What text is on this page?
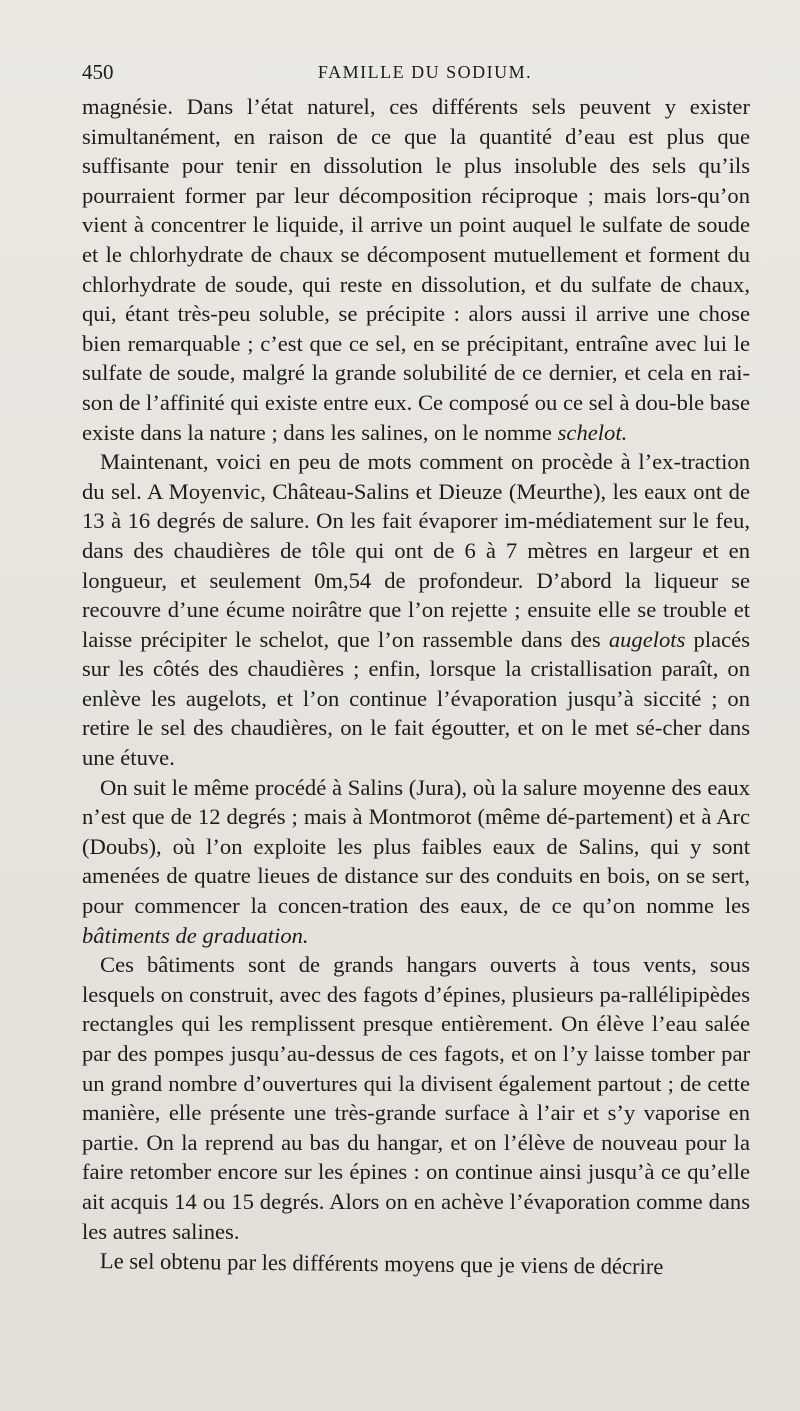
450	FAMILLE DU SODIUM.

magnésie. Dans l’état naturel, ces différents sels peuvent y exister simultanément, en raison de ce que la quantité d’eau est plus que suffisante pour tenir en dissolution le plus insoluble des sels qu’ils pourraient former par leur décomposition réciproque ; mais lors-qu’on vient à concentrer le liquide, il arrive un point auquel le sulfate de soude et le chlorhydrate de chaux se décomposent mutuellement et forment du chlorhydrate de soude, qui reste en dissolution, et du sulfate de chaux, qui, étant très-peu soluble, se précipite : alors aussi il arrive une chose bien remarquable ; c’est que ce sel, en se précipitant, entraîne avec lui le sulfate de soude, malgré la grande solubilité de ce dernier, et cela en rai-son de l’affinité qui existe entre eux. Ce composé ou ce sel à dou-ble base existe dans la nature ; dans les salines, on le nomme schelot.

Maintenant, voici en peu de mots comment on procède à l’ex-traction du sel. A Moyenvic, Château-Salins et Dieuze (Meurthe), les eaux ont de 13 à 16 degrés de salure. On les fait évaporer im-médiatement sur le feu, dans des chaudières de tôle qui ont de 6 à 7 mètres en largeur et en longueur, et seulement 0m,54 de profondeur. D’abord la liqueur se recouvre d’une écume noirâtre que l’on rejette ; ensuite elle se trouble et laisse précipiter le schelot, que l’on rassemble dans des augelots placés sur les côtés des chaudières ; enfin, lorsque la cristallisation paraît, on enlève les augelots, et l’on continue l’évaporation jusqu’à siccité ; on retire le sel des chaudières, on le fait égoutter, et on le met sé-cher dans une étuve.

On suit le même procédé à Salins (Jura), où la salure moyenne des eaux n’est que de 12 degrés ; mais à Montmorot (même dé-partement) et à Arc (Doubs), où l’on exploite les plus faibles eaux de Salins, qui y sont amenées de quatre lieues de distance sur des conduits en bois, on se sert, pour commencer la concen-tration des eaux, de ce qu’on nomme les bâtiments de graduation.

Ces bâtiments sont de grands hangars ouverts à tous vents, sous lesquels on construit, avec des fagots d’épines, plusieurs pa-rallélipipèdes rectangles qui les remplissent presque entièrement. On élève l’eau salée par des pompes jusqu’au-dessus de ces fagots, et on l’y laisse tomber par un grand nombre d’ouvertures qui la divisent également partout ; de cette manière, elle présente une très-grande surface à l’air et s’y vaporise en partie. On la reprend au bas du hangar, et on l’élève de nouveau pour la faire retomber encore sur les épines : on continue ainsi jusqu’à ce qu’elle ait acquis 14 ou 15 degrés. Alors on en achève l’évaporation comme dans les autres salines.

Le sel obtenu par les différents moyens que je viens de décrire
